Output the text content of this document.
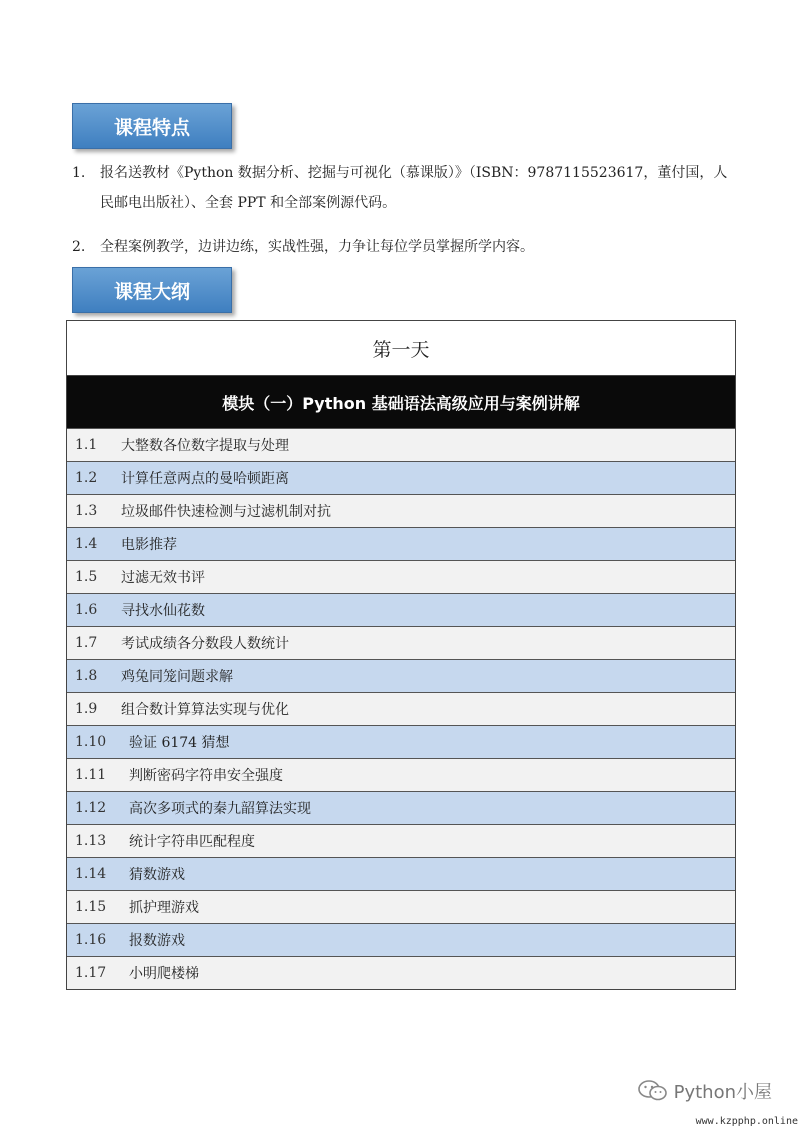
课程特点
1. 报名送教材《Python 数据分析、挖掘与可视化（慕课版）》（ISBN：9787115523617，董付国，人民邮电出版社）、全套 PPT 和全部案例源代码。
2. 全程案例教学，边讲边练，实战性强，力争让每位学员掌握所学内容。
课程大纲
第一天
模块（一）Python 基础语法高级应用与案例讲解
1.1	大整数各位数字提取与处理
1.2	计算任意两点的曼哈顿距离
1.3	垃圾邮件快速检测与过滤机制对抗
1.4	电影推荐
1.5	过滤无效书评
1.6	寻找水仙花数
1.7	考试成绩各分数段人数统计
1.8	鸡兔同笼问题求解
1.9	组合数计算算法实现与优化
1.10	验证 6174 猜想
1.11	判断密码字符串安全强度
1.12	高次多项式的秦九韶算法实现
1.13	统计字符串匹配程度
1.14	猜数游戏
1.15	抓护理游戏
1.16	报数游戏
1.17	小明爬楼梯
Python小屋
www.kzpphp.online
